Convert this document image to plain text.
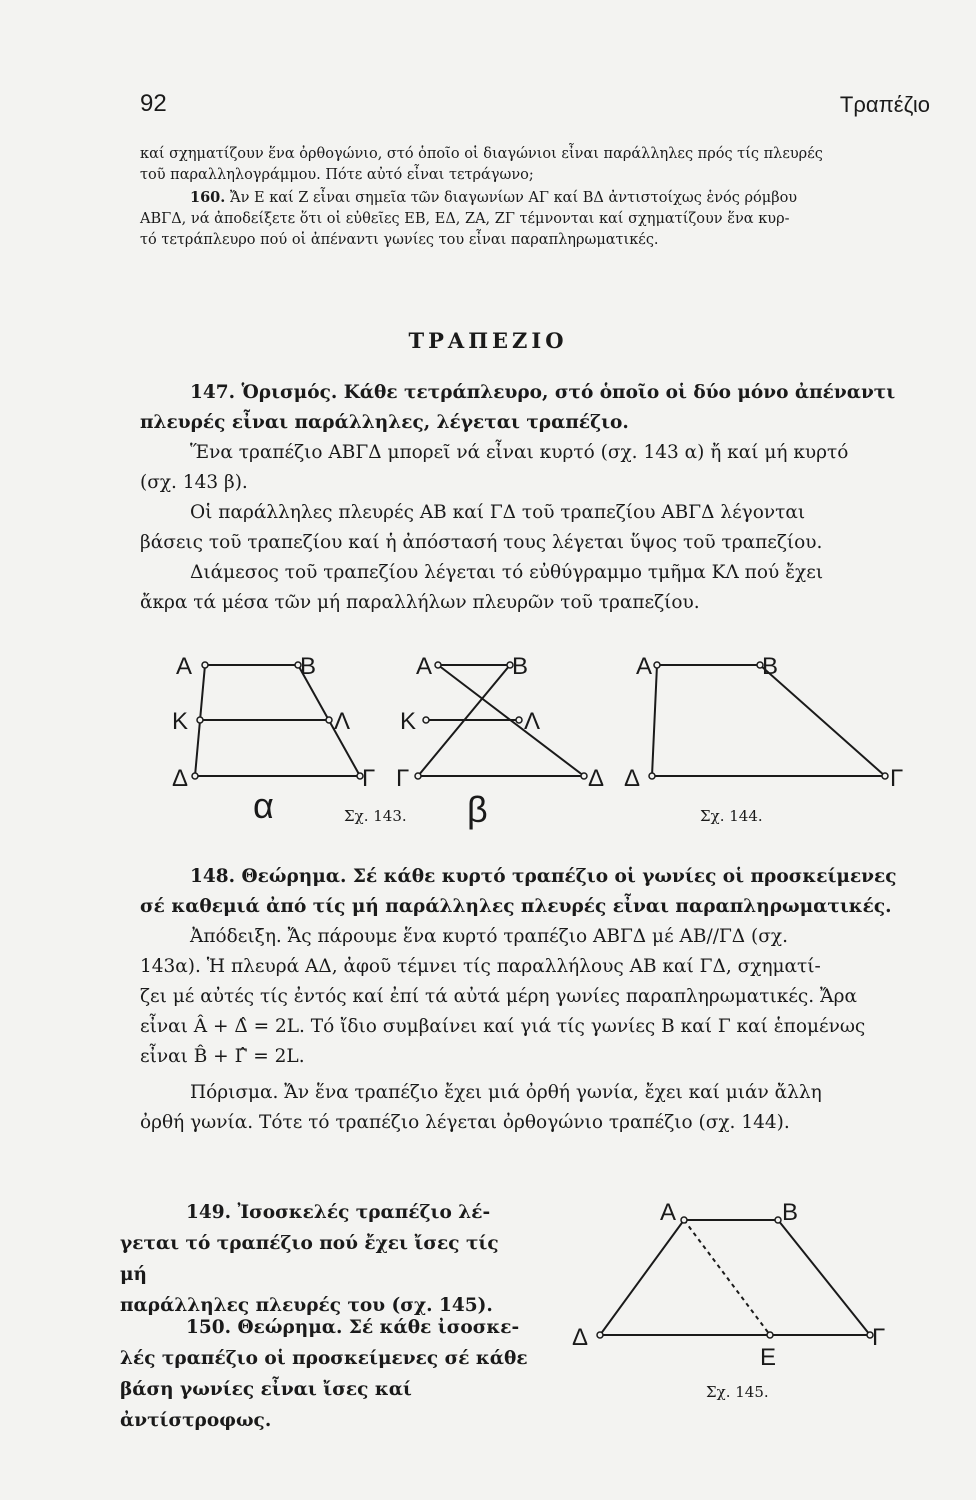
92	Τραπέζιο
καί σχηματίζουν ἕνα ὀρθογώνιο, στό ὁποῖο οἱ διαγώνιοι εἶναι παράλληλες πρός τίς πλευρές
τοῦ παραλληλογράμμου. Πότε αὐτό εἶναι τετράγωνο;
160. Ἄν Ε καί Ζ εἶναι σημεῖα τῶν διαγωνίων ΑΓ καί ΒΔ ἀντιστοίχως ἑνός ρόμβου
ΑΒΓΔ, νά ἀποδείξετε ὅτι οἱ εὐθεῖες ΕΒ, ΕΔ, ΖΑ, ΖΓ τέμνονται καί σχηματίζουν ἕνα κυρ-
τό τετράπλευρο πού οἱ ἀπέναντι γωνίες του εἶναι παραπληρωματικές.
ΤΡΑΠΕΖΙΟ
147. Ὁρισμός. Κάθε τετράπλευρο, στό ὁποῖο οἱ δύο μόνο ἀπέναντι
πλευρές εἶναι παράλληλες, λέγεται τραπέζιο.
Ἕνα τραπέζιο ΑΒΓΔ μπορεῖ νά εἶναι κυρτό (σχ. 143 α) ἤ καί μή κυρτό
(σχ. 143 β).
Οἱ παράλληλες πλευρές ΑΒ καί ΓΔ τοῦ τραπεζίου ΑΒΓΔ λέγονται
βάσεις τοῦ τραπεζίου καί ἡ ἀπόστασή τους λέγεται ὕψος τοῦ τραπεζίου.
Διάμεσος τοῦ τραπεζίου λέγεται τό εὐθύγραμμο τμῆμα ΚΛ πού ἔχει
ἄκρα τά μέσα τῶν μή παραλλήλων πλευρῶν τοῦ τραπεζίου.
Α	Β
Κ	Λ
Δ	Γ
Α	Β
Κ	Λ
Γ	Δ
Α	Β
Δ	Γ
α	β
Σχ. 143.	Σχ. 144.
148. Θεώρημα. Σέ κάθε κυρτό τραπέζιο οἱ γωνίες οἱ προσκείμενες
σέ καθεμιά ἀπό τίς μή παράλληλες πλευρές εἶναι παραπληρωματικές.
Ἀπόδειξη. Ἄς πάρουμε ἕνα κυρτό τραπέζιο ΑΒΓΔ μέ ΑΒ//ΓΔ (σχ.
143α). Ἡ πλευρά ΑΔ, ἀφοῦ τέμνει τίς παραλλήλους ΑΒ καί ΓΔ, σχηματί-
ζει μέ αὐτές τίς ἐντός καί ἐπί τά αὐτά μέρη γωνίες παραπληρωματικές. Ἄρα
εἶναι Â + Δ̂ = 2L. Τό ἴδιο συμβαίνει καί γιά τίς γωνίες Β καί Γ καί ἑπομένως
εἶναι B̂ + Γ̂ = 2L.
Πόρισμα. Ἄν ἕνα τραπέζιο ἔχει μιά ὀρθή γωνία, ἔχει καί μιάν ἄλλη
ὀρθή γωνία. Τότε τό τραπέζιο λέγεται ὀρθογώνιο τραπέζιο (σχ. 144).
149. Ἰσοσκελές τραπέζιο λέ-
γεται τό τραπέζιο πού ἔχει ἴσες τίς μή
παράλληλες πλευρές του (σχ. 145).
150. Θεώρημα. Σέ κάθε ἰσοσκε-
λές τραπέζιο οἱ προσκείμενες σέ κάθε
βάση γωνίες εἶναι ἴσες καί ἀντίστροφως.
Α	Β
Δ	Γ
Ε
Σχ. 145.
